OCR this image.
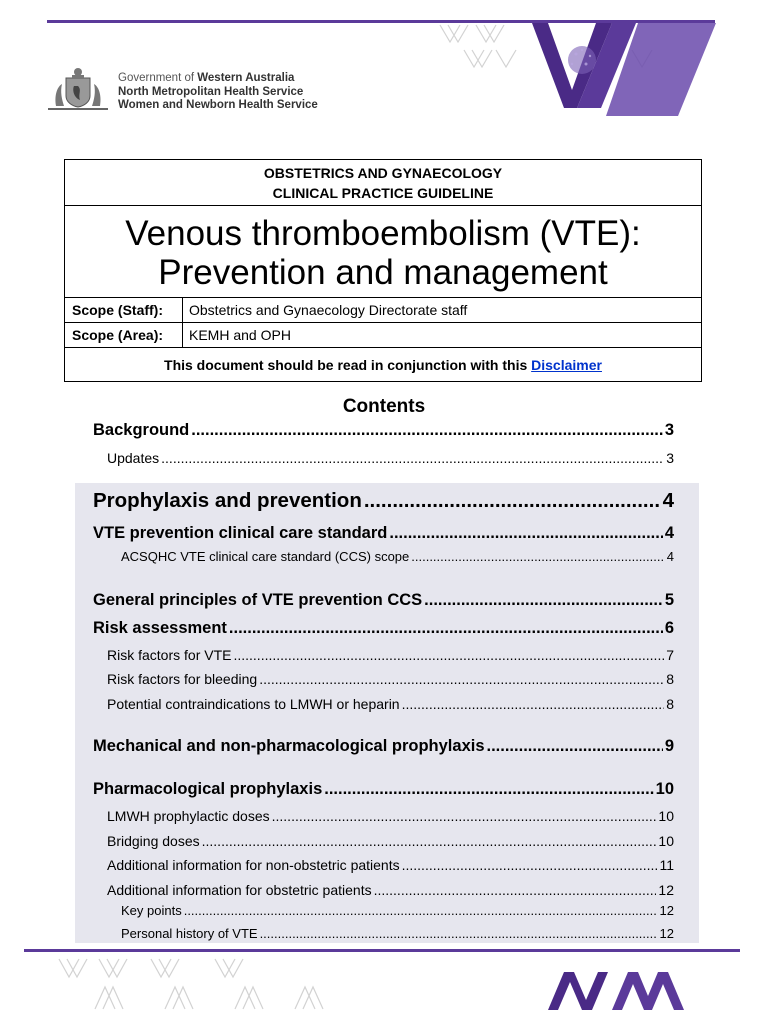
Government of Western Australia
North Metropolitan Health Service
Women and Newborn Health Service
OBSTETRICS AND GYNAECOLOGY
CLINICAL PRACTICE GUIDELINE
Venous thromboembolism (VTE):
Prevention and management
Scope (Staff):	Obstetrics and Gynaecology Directorate staff
Scope (Area):	KEMH and OPH
This document should be read in conjunction with this Disclaimer
Contents
Background .....	3
Updates .....	3
Prophylaxis and prevention .....	4
VTE prevention clinical care standard .....	4
ACSQHC VTE clinical care standard (CCS) scope .....	4
General principles of VTE prevention CCS .....	5
Risk assessment .....	6
Risk factors for VTE .....	7
Risk factors for bleeding .....	8
Potential contraindications to LMWH or heparin .....	8
Mechanical and non-pharmacological prophylaxis .....	9
Pharmacological prophylaxis .....	10
LMWH prophylactic doses .....	10
Bridging doses .....	10
Additional information for non-obstetric patients .....	11
Additional information for obstetric patients .....	12
Key points .....	12
Personal history of VTE .....	12
